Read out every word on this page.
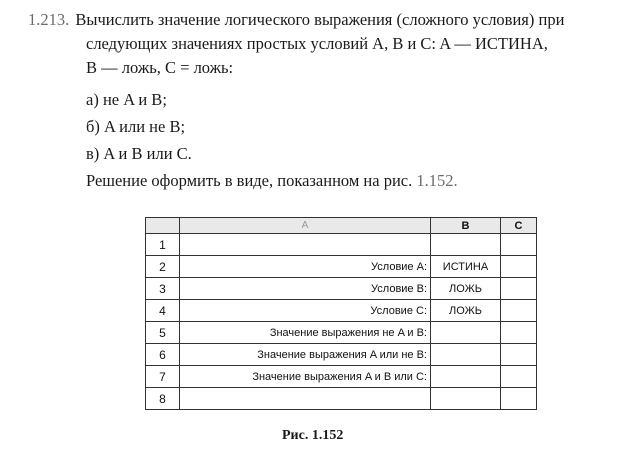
1.213. Вычислить значение логического выражения (сложного условия) при
следующих значениях простых условий A, B и C: A — ИСТИНА,
B — ложь, C = ложь:
а) не A и B;
б) A или не B;
в) A и B или C.
Решение оформить в виде, показанном на рис. 1.152.
	A	B	C
1			
2	Условие A:	ИСТИНА	
3	Условие B:	ЛОЖЬ	
4	Условие C:	ЛОЖЬ	
5	Значение выражения не A и B:		
6	Значение выражения A или не B:		
7	Значение выражения A и B или C:		
8			
Рис. 1.152
